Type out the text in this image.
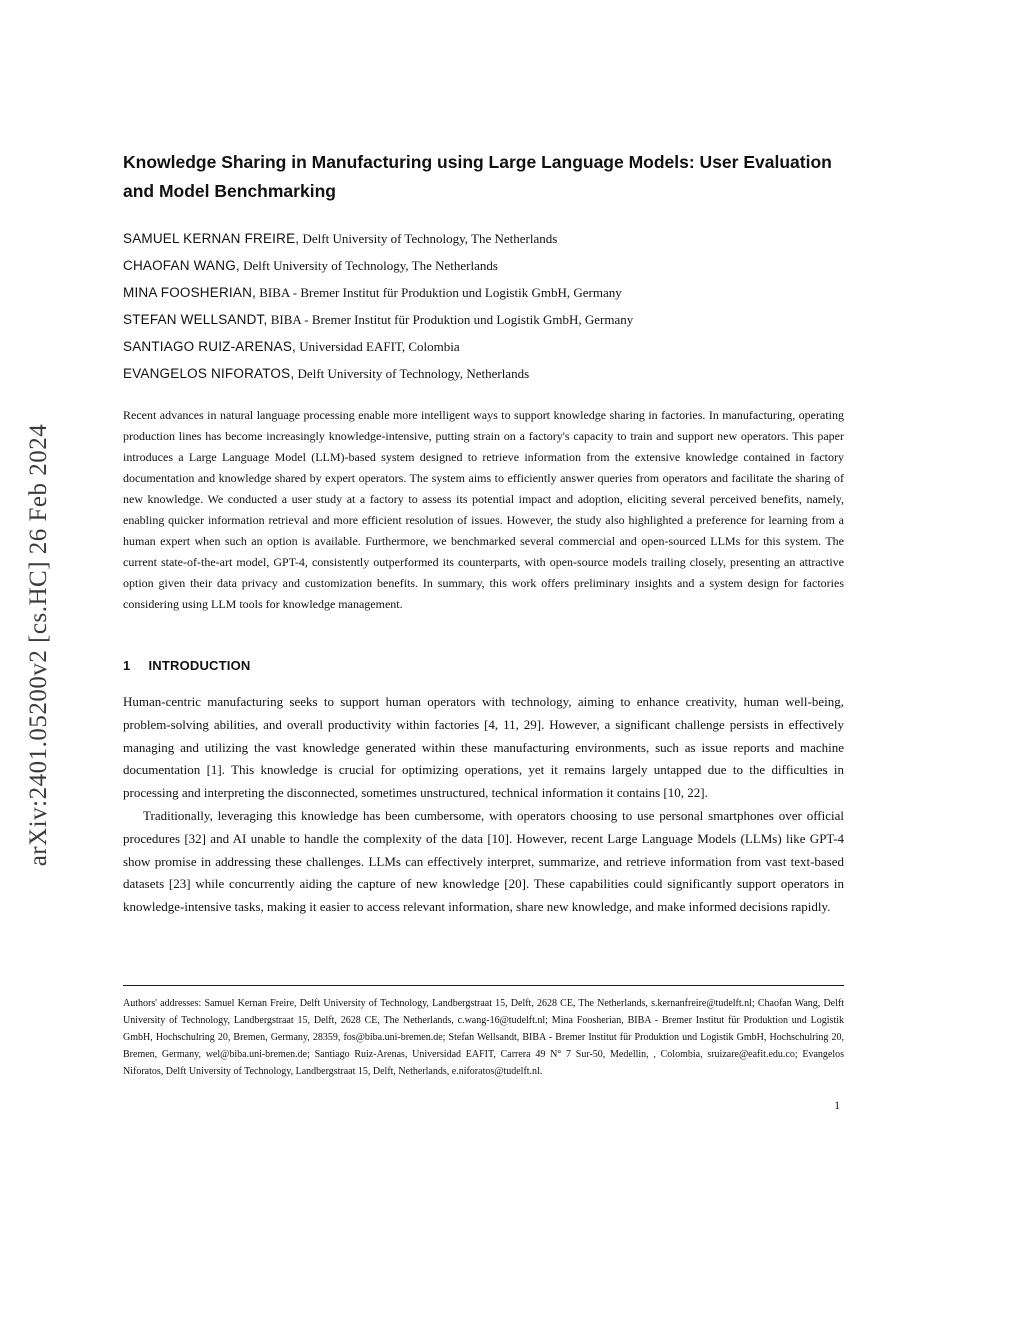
arXiv:2401.05200v2 [cs.HC] 26 Feb 2024
Knowledge Sharing in Manufacturing using Large Language Models: User Evaluation and Model Benchmarking
SAMUEL KERNAN FREIRE, Delft University of Technology, The Netherlands
CHAOFAN WANG, Delft University of Technology, The Netherlands
MINA FOOSHERIAN, BIBA - Bremer Institut für Produktion und Logistik GmbH, Germany
STEFAN WELLSANDT, BIBA - Bremer Institut für Produktion und Logistik GmbH, Germany
SANTIAGO RUIZ-ARENAS, Universidad EAFIT, Colombia
EVANGELOS NIFORATOS, Delft University of Technology, Netherlands

Recent advances in natural language processing enable more intelligent ways to support knowledge sharing in factories. In manufacturing, operating production lines has become increasingly knowledge-intensive, putting strain on a factory's capacity to train and support new operators. This paper introduces a Large Language Model (LLM)-based system designed to retrieve information from the extensive knowledge contained in factory documentation and knowledge shared by expert operators. The system aims to efficiently answer queries from operators and facilitate the sharing of new knowledge. We conducted a user study at a factory to assess its potential impact and adoption, eliciting several perceived benefits, namely, enabling quicker information retrieval and more efficient resolution of issues. However, the study also highlighted a preference for learning from a human expert when such an option is available. Furthermore, we benchmarked several commercial and open-sourced LLMs for this system. The current state-of-the-art model, GPT-4, consistently outperformed its counterparts, with open-source models trailing closely, presenting an attractive option given their data privacy and customization benefits. In summary, this work offers preliminary insights and a system design for factories considering using LLM tools for knowledge management.

1 INTRODUCTION

Human-centric manufacturing seeks to support human operators with technology, aiming to enhance creativity, human well-being, problem-solving abilities, and overall productivity within factories [4, 11, 29]. However, a significant challenge persists in effectively managing and utilizing the vast knowledge generated within these manufacturing environments, such as issue reports and machine documentation [1]. This knowledge is crucial for optimizing operations, yet it remains largely untapped due to the difficulties in processing and interpreting the disconnected, sometimes unstructured, technical information it contains [10, 22].

Traditionally, leveraging this knowledge has been cumbersome, with operators choosing to use personal smartphones over official procedures [32] and AI unable to handle the complexity of the data [10]. However, recent Large Language Models (LLMs) like GPT-4 show promise in addressing these challenges. LLMs can effectively interpret, summarize, and retrieve information from vast text-based datasets [23] while concurrently aiding the capture of new knowledge [20]. These capabilities could significantly support operators in knowledge-intensive tasks, making it easier to access relevant information, share new knowledge, and make informed decisions rapidly.

Authors' addresses: Samuel Kernan Freire, Delft University of Technology, Landbergstraat 15, Delft, 2628 CE, The Netherlands, s.kernanfreire@tudelft.nl; Chaofan Wang, Delft University of Technology, Landbergstraat 15, Delft, 2628 CE, The Netherlands, c.wang-16@tudelft.nl; Mina Foosherian, BIBA - Bremer Institut für Produktion und Logistik GmbH, Hochschulring 20, Bremen, Germany, 28359, fos@biba.uni-bremen.de; Stefan Wellsandt, BIBA - Bremer Institut für Produktion und Logistik GmbH, Hochschulring 20, Bremen, Germany, wel@biba.uni-bremen.de; Santiago Ruiz-Arenas, Universidad EAFIT, Carrera 49 N° 7 Sur-50, Medellin, , Colombia, sruizare@eafit.edu.co; Evangelos Niforatos, Delft University of Technology, Landbergstraat 15, Delft, Netherlands, e.niforatos@tudelft.nl.

1
